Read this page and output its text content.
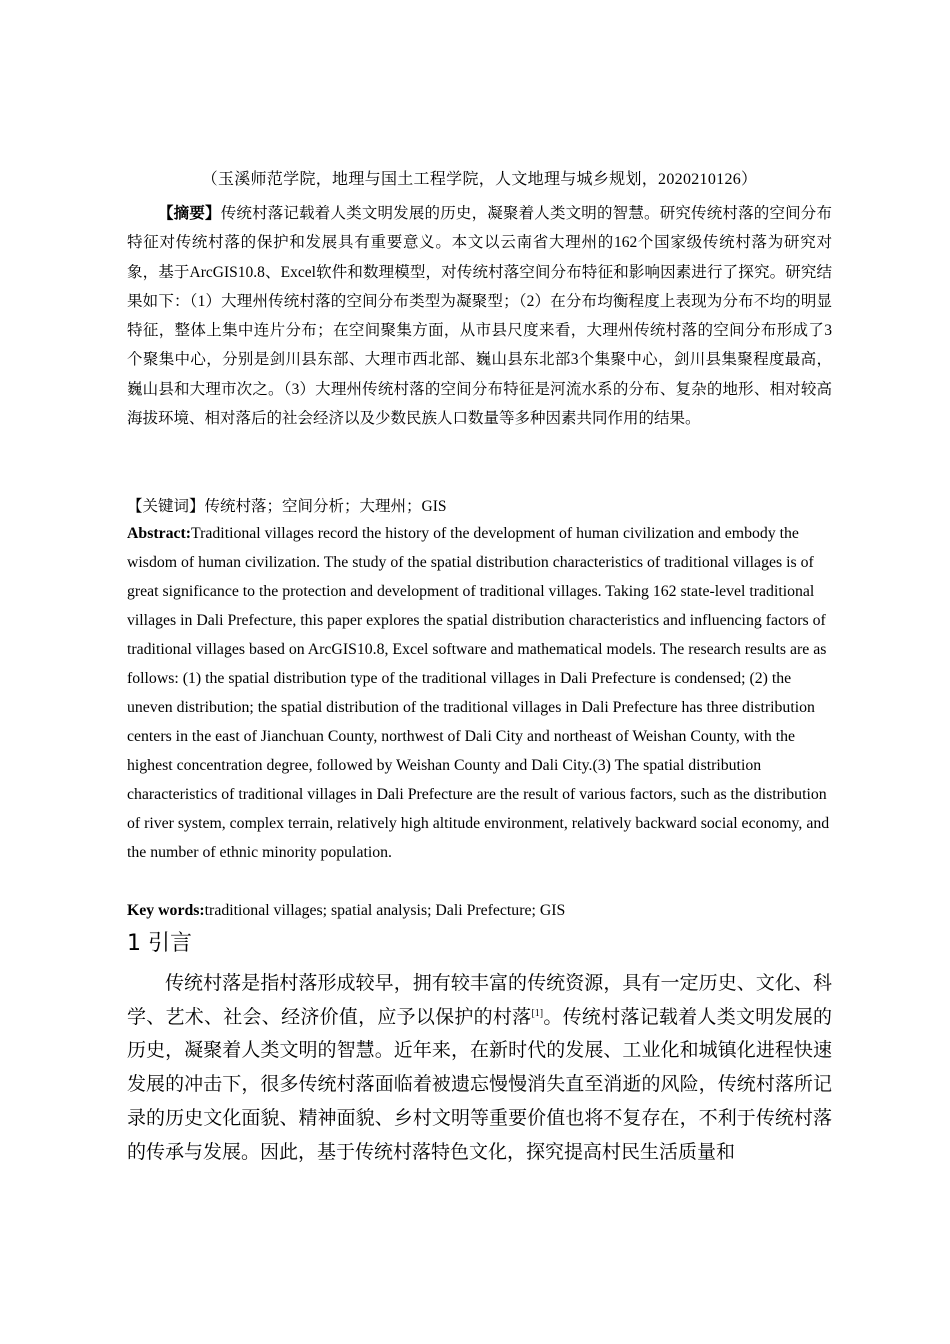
（玉溪师范学院，地理与国土工程学院，人文地理与城乡规划，2020210126）

【摘要】传统村落记载着人类文明发展的历史，凝聚着人类文明的智慧。研究传统村落的空间分布特征对传统村落的保护和发展具有重要意义。本文以云南省大理州的162个国家级传统村落为研究对象，基于ArcGIS10.8、Excel软件和数理模型，对传统村落空间分布特征和影响因素进行了探究。研究结果如下：（1）大理州传统村落的空间分布类型为凝聚型；（2）在分布均衡程度上表现为分布不均的明显特征，整体上集中连片分布；在空间聚集方面，从市县尺度来看，大理州传统村落的空间分布形成了3个聚集中心，分别是剑川县东部、大理市西北部、巍山县东北部3个集聚中心，剑川县集聚程度最高，巍山县和大理市次之。（3）大理州传统村落的空间分布特征是河流水系的分布、复杂的地形、相对较高海拔环境、相对落后的社会经济以及少数民族人口数量等多种因素共同作用的结果。

【关键词】传统村落；空间分析；大理州；GIS

Abstract:Traditional villages record the history of the development of human civilization and embody the wisdom of human civilization. The study of the spatial distribution characteristics of traditional villages is of great significance to the protection and development of traditional villages. Taking 162 state-level traditional villages in Dali Prefecture, this paper explores the spatial distribution characteristics and influencing factors of traditional villages based on ArcGIS10.8, Excel software and mathematical models. The research results are as follows: (1) the spatial distribution type of the traditional villages in Dali Prefecture is condensed; (2) the uneven distribution; the spatial distribution of the traditional villages in Dali Prefecture has three distribution centers in the east of Jianchuan County, northwest of Dali City and northeast of Weishan County, with the highest concentration degree, followed by Weishan County and Dali City.(3) The spatial distribution characteristics of traditional villages in Dali Prefecture are the result of various factors, such as the distribution of river system, complex terrain, relatively high altitude environment, relatively backward social economy, and the number of ethnic minority population.

Key words:traditional villages; spatial analysis; Dali Prefecture; GIS

1 引言

传统村落是指村落形成较早，拥有较丰富的传统资源，具有一定历史、文化、科学、艺术、社会、经济价值，应予以保护的村落[1]。传统村落记载着人类文明发展的历史，凝聚着人类文明的智慧。近年来，在新时代的发展、工业化和城镇化进程快速发展的冲击下，很多传统村落面临着被遗忘慢慢消失直至消逝的风险，传统村落所记录的历史文化面貌、精神面貌、乡村文明等重要价值也将不复存在，不利于传统村落的传承与发展。因此，基于传统村落特色文化，探究提高村民生活质量和
